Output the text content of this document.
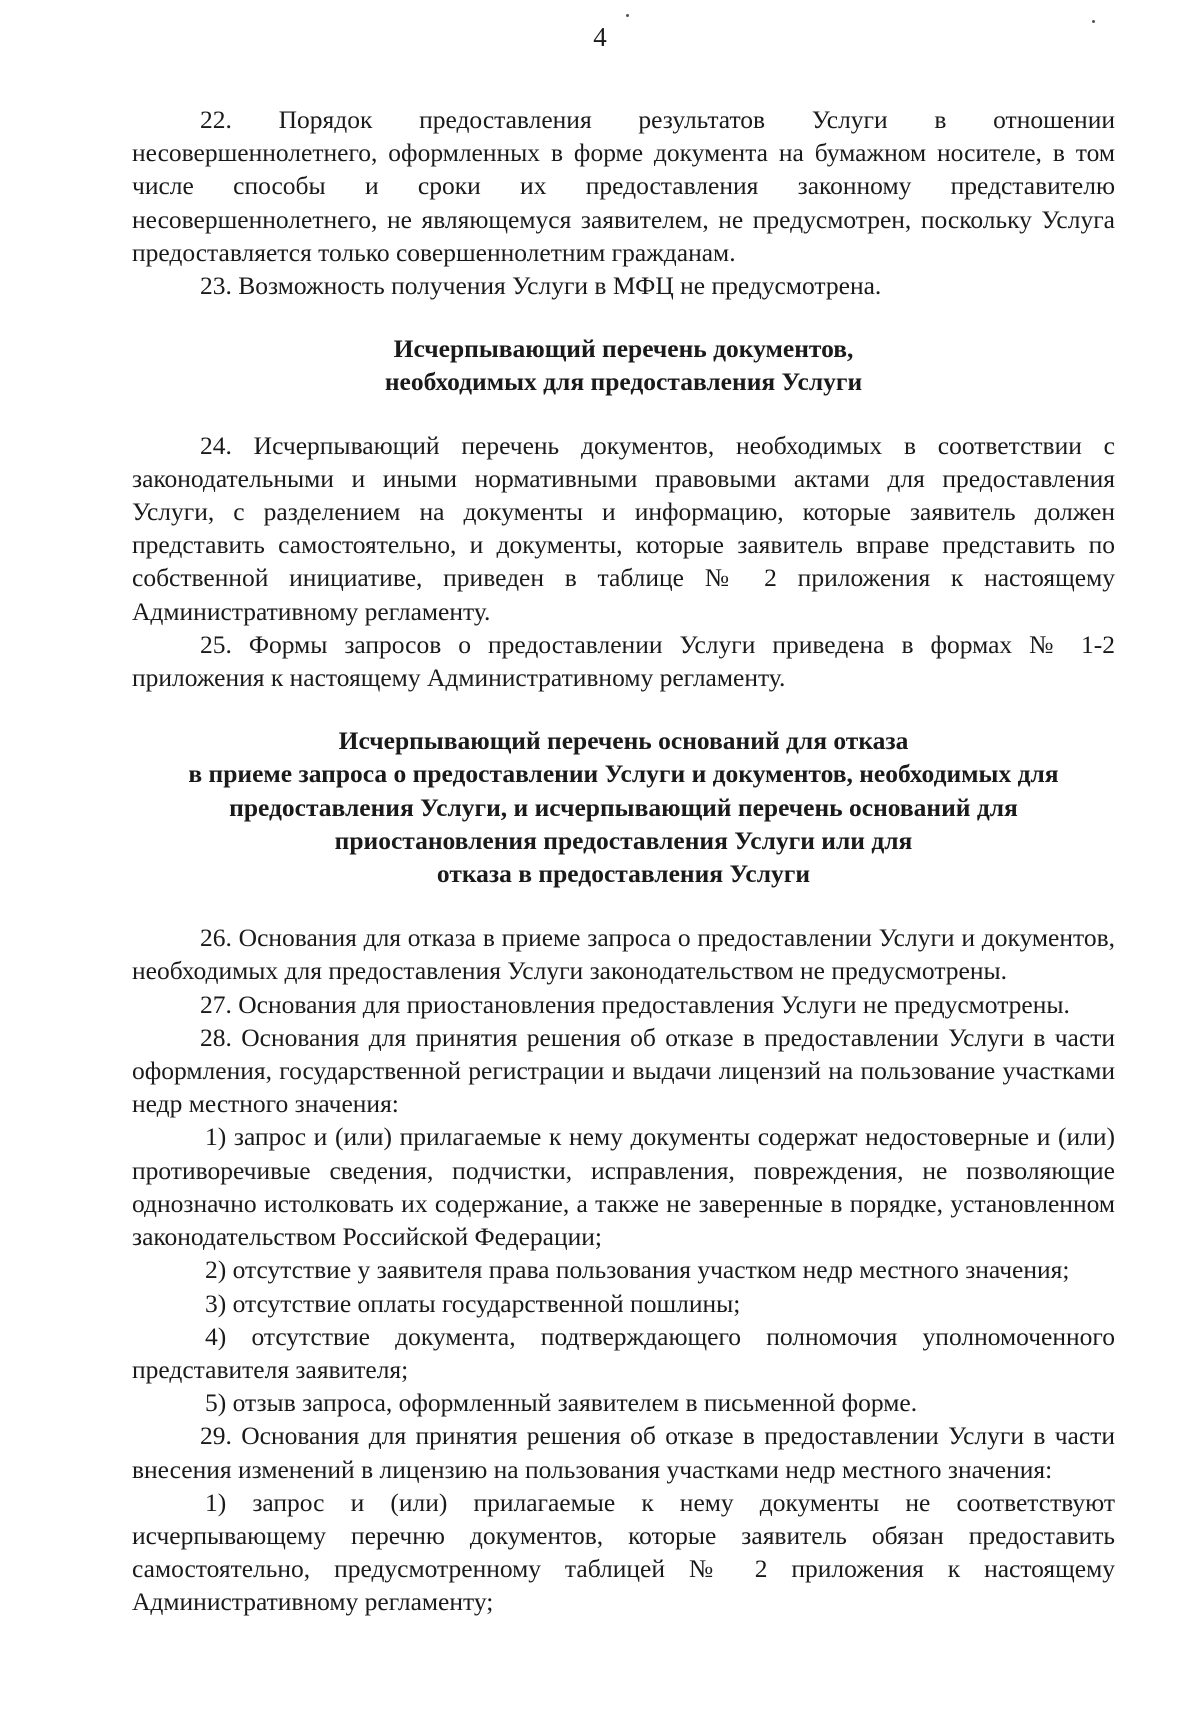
4

22. Порядок предоставления результатов Услуги в отношении несовершеннолетнего, оформленных в форме документа на бумажном носителе, в том числе способы и сроки их предоставления законному представителю несовершеннолетнего, не являющемуся заявителем, не предусмотрен, поскольку Услуга предоставляется только совершеннолетним гражданам.

23. Возможность получения Услуги в МФЦ не предусмотрена.

Исчерпывающий перечень документов,
необходимых для предоставления Услуги

24. Исчерпывающий перечень документов, необходимых в соответствии с законодательными и иными нормативными правовыми актами для предоставления Услуги, с разделением на документы и информацию, которые заявитель должен представить самостоятельно, и документы, которые заявитель вправе представить по собственной инициативе, приведен в таблице № 2 приложения к настоящему Административному регламенту.

25. Формы запросов о предоставлении Услуги приведена в формах № 1-2 приложения к настоящему Административному регламенту.

Исчерпывающий перечень оснований для отказа
в приеме запроса о предоставлении Услуги и документов, необходимых для
предоставления Услуги, и исчерпывающий перечень оснований для
приостановления предоставления Услуги или для
отказа в предоставления Услуги

26. Основания для отказа в приеме запроса о предоставлении Услуги и документов, необходимых для предоставления Услуги законодательством не предусмотрены.

27. Основания для приостановления предоставления Услуги не предусмотрены.

28. Основания для принятия решения об отказе в предоставлении Услуги в части оформления, государственной регистрации и выдачи лицензий на пользование участками недр местного значения:

1) запрос и (или) прилагаемые к нему документы содержат недостоверные и (или) противоречивые сведения, подчистки, исправления, повреждения, не позволяющие однозначно истолковать их содержание, а также не заверенные в порядке, установленном законодательством Российской Федерации;

2) отсутствие у заявителя права пользования участком недр местного значения;

3) отсутствие оплаты государственной пошлины;

4) отсутствие документа, подтверждающего полномочия уполномоченного представителя заявителя;

5) отзыв запроса, оформленный заявителем в письменной форме.

29. Основания для принятия решения об отказе в предоставлении Услуги в части внесения изменений в лицензию на пользования участками недр местного значения:

1) запрос и (или) прилагаемые к нему документы не соответствуют исчерпывающему перечню документов, которые заявитель обязан предоставить самостоятельно, предусмотренному таблицей № 2 приложения к настоящему Административному регламенту;
